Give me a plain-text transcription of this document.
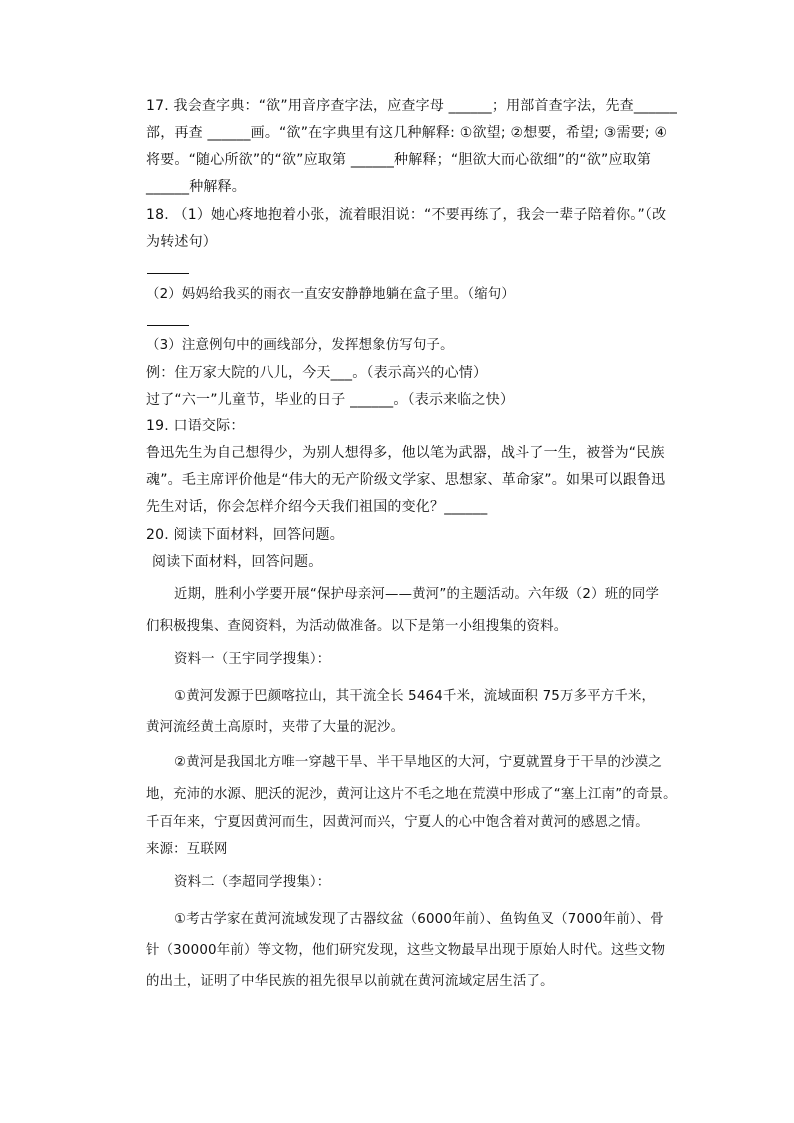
17. 我会查字典：“欲”用音序查字法，应查字母 ______；用部首查字法，先查______
部，再查 ______画。“欲”在字典里有这几种解释: ①欲望; ②想要，希望; ③需要; ④
将要。“随心所欲”的“欲”应取第 ______种解释；“胆欲大而心欲细”的“欲”应取第
______种解释。
18. （1）她心疼地抱着小张，流着眼泪说：“不要再练了，我会一辈子陪着你。”（改
为转述句）
（2）妈妈给我买的雨衣一直安安静静地躺在盒子里。（缩句）
（3）注意例句中的画线部分，发挥想象仿写句子。
例：住万家大院的八儿，今天___。（表示高兴的心情）
过了“六一”儿童节，毕业的日子 ______。（表示来临之快）
19. 口语交际：
鲁迅先生为自己想得少，为别人想得多，他以笔为武器，战斗了一生，被誉为“民族
魂”。毛主席评价他是“伟大的无产阶级文学家、思想家、革命家”。如果可以跟鲁迅
先生对话，你会怎样介绍今天我们祖国的变化？______
20. 阅读下面材料，回答问题。
阅读下面材料，回答问题。
近期，胜利小学要开展“保护母亲河——黄河”的主题活动。六年级（2）班的同学
们积极搜集、查阅资料，为活动做准备。以下是第一小组搜集的资料。
资料一（王宇同学搜集）：
①黄河发源于巴颜喀拉山，其干流全长 5464千米，流域面积 75万多平方千米，
黄河流经黄土高原时，夹带了大量的泥沙。
②黄河是我国北方唯一穿越干旱、半干旱地区的大河，宁夏就置身于干旱的沙漠之
地，充沛的水源、肥沃的泥沙，黄河让这片不毛之地在荒漠中形成了“塞上江南”的奇景。
千百年来，宁夏因黄河而生，因黄河而兴，宁夏人的心中饱含着对黄河的感恩之情。
来源：互联网
资料二（李超同学搜集）：
①考古学家在黄河流域发现了古器纹盆（6000年前）、鱼钩鱼叉（7000年前）、骨
针（30000年前）等文物，他们研究发现，这些文物最早出现于原始人时代。这些文物
的出土，证明了中华民族的祖先很早以前就在黄河流域定居生活了。
